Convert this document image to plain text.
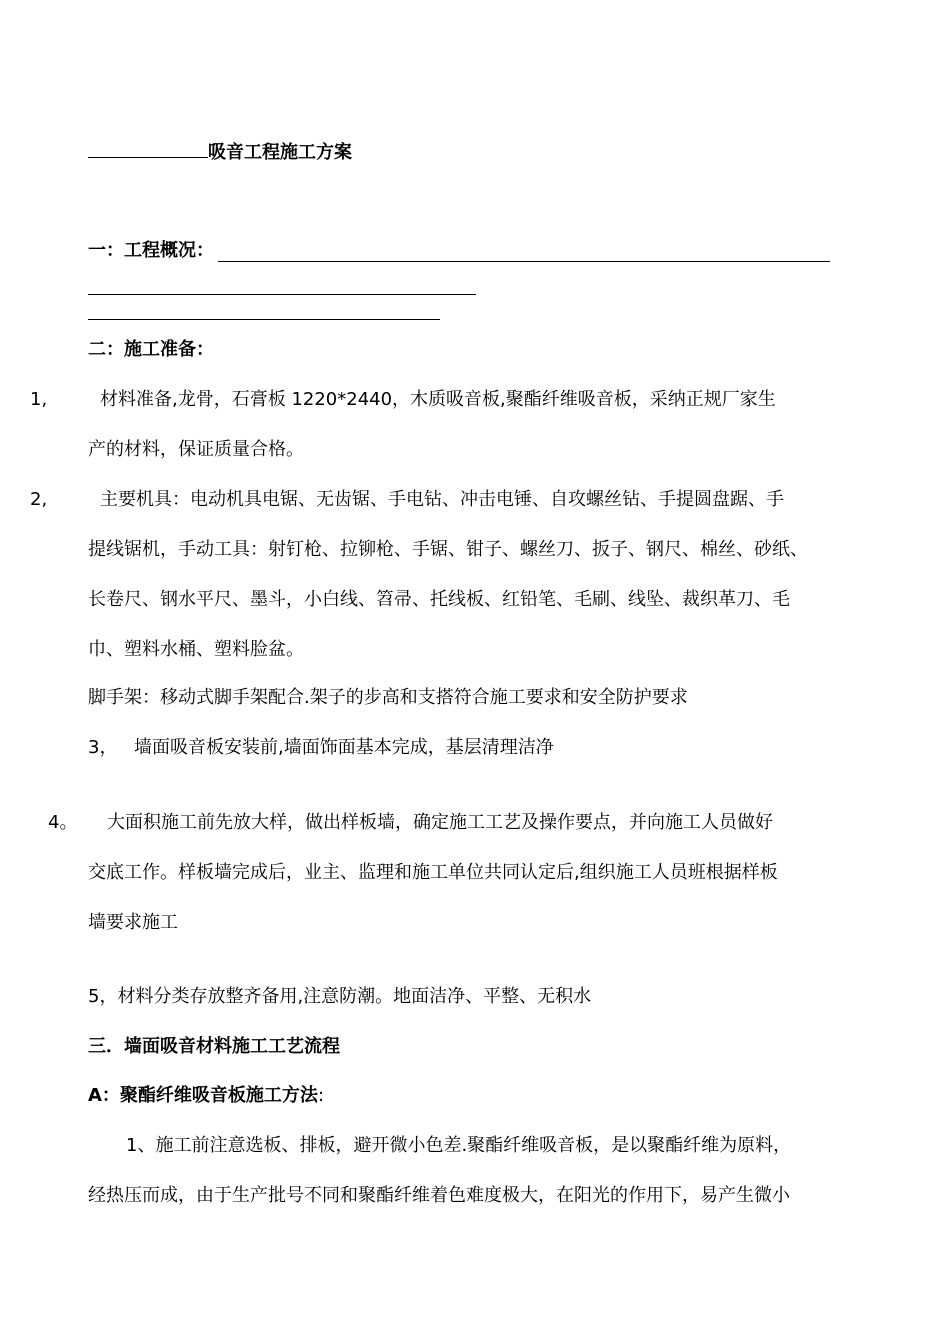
吸音工程施工方案
一：工程概况：
二：施工准备：
1,	材料准备,龙骨，石膏板 1220*2440，木质吸音板,聚酯纤维吸音板，采纳正规厂家生
产的材料，保证质量合格。
2,	主要机具：电动机具电锯、无齿锯、手电钻、冲击电锤、自攻螺丝钻、手提圆盘踞、手
提线锯机，手动工具：射钉枪、拉铆枪、手锯、钳子、螺丝刀、扳子、钢尺、棉丝、砂纸、
长卷尺、钢水平尺、墨斗，小白线、笤帚、托线板、红铅笔、毛刷、线坠、裁织革刀、毛
巾、塑料水桶、塑料脸盆。
脚手架：移动式脚手架配合.架子的步高和支搭符合施工要求和安全防护要求
3， 墙面吸音板安装前,墙面饰面基本完成，基层清理洁净
4。 大面积施工前先放大样，做出样板墙，确定施工工艺及操作要点，并向施工人员做好
交底工作。样板墙完成后，业主、监理和施工单位共同认定后,组织施工人员班根据样板
墙要求施工
5，材料分类存放整齐备用,注意防潮。地面洁净、平整、无积水
三．墙面吸音材料施工工艺流程
A：聚酯纤维吸音板施工方法:
1、施工前注意选板、排板，避开微小色差.聚酯纤维吸音板，是以聚酯纤维为原料，
经热压而成，由于生产批号不同和聚酯纤维着色难度极大，在阳光的作用下，易产生微小
